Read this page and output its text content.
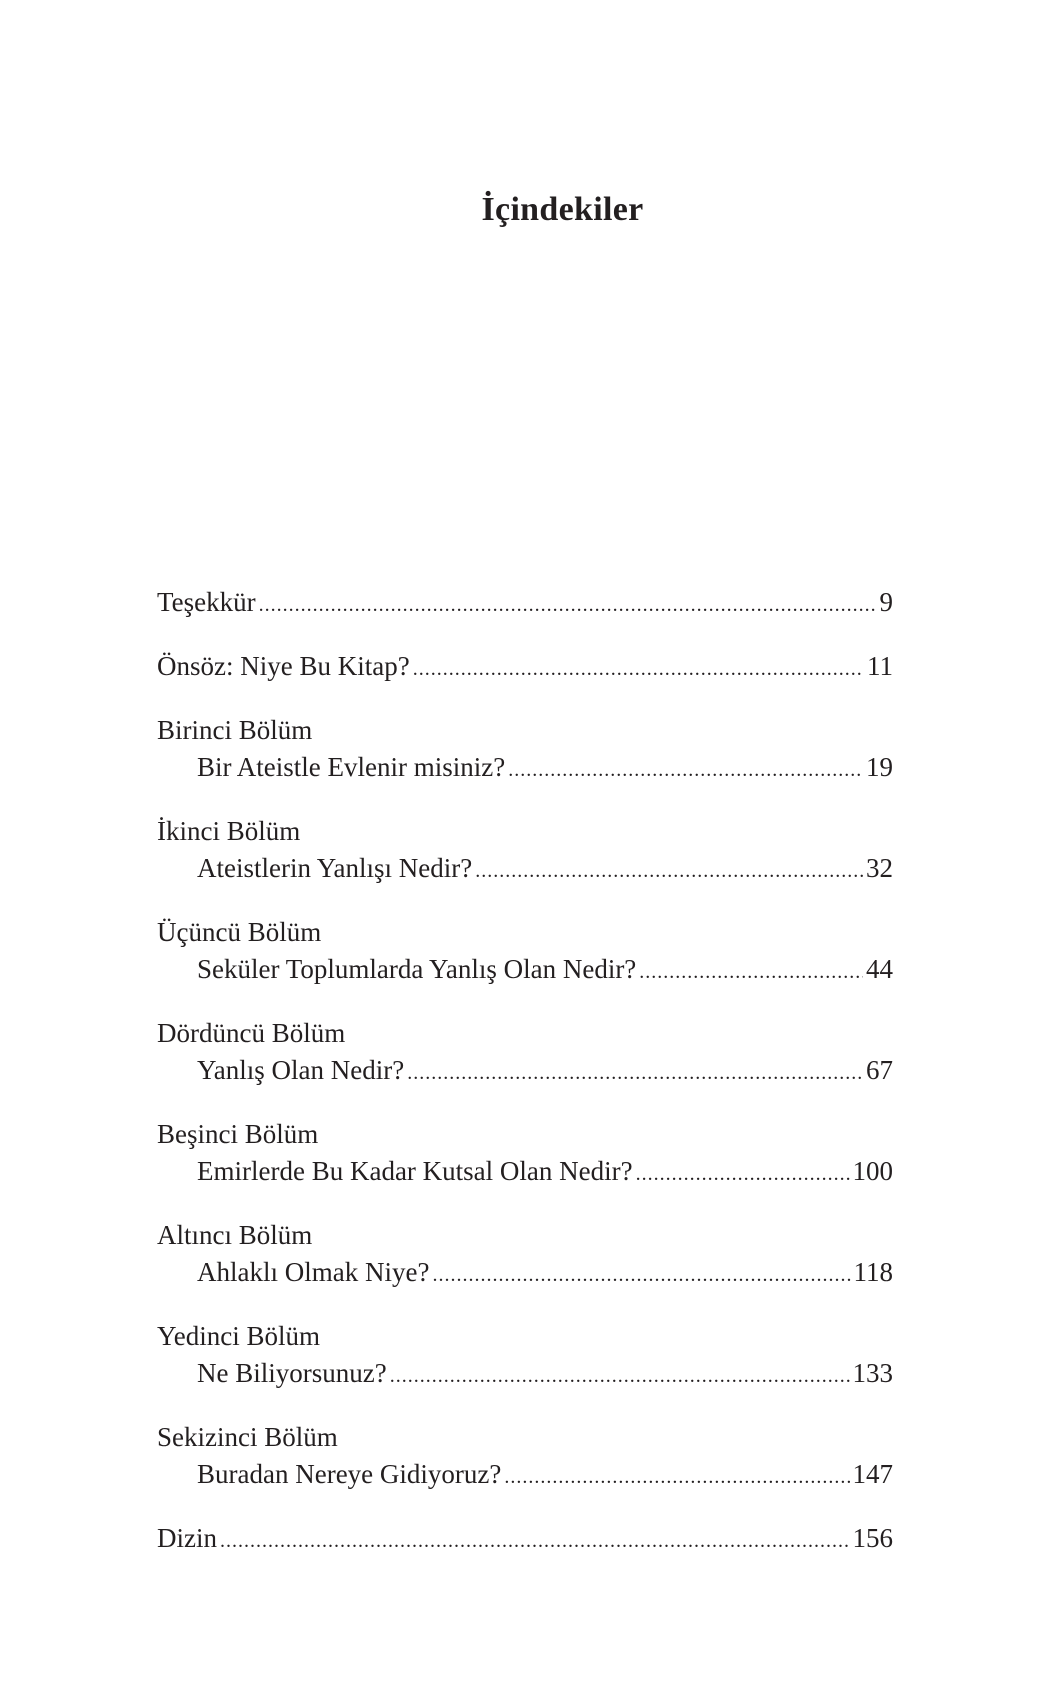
İçindekiler
Teşekkür .....	9
Önsöz: Niye Bu Kitap? .....	11
Birinci Bölüm
Bir Ateistle Evlenir misiniz? .....	19
İkinci Bölüm
Ateistlerin Yanlışı Nedir? .....	32
Üçüncü Bölüm
Seküler Toplumlarda Yanlış Olan Nedir? .....	44
Dördüncü Bölüm
Yanlış Olan Nedir? .....	67
Beşinci Bölüm
Emirlerde Bu Kadar Kutsal Olan Nedir? .....	100
Altıncı Bölüm
Ahlaklı Olmak Niye? .....	118
Yedinci Bölüm
Ne Biliyorsunuz? .....	133
Sekizinci Bölüm
Buradan Nereye Gidiyoruz? .....	147
Dizin .....	156
